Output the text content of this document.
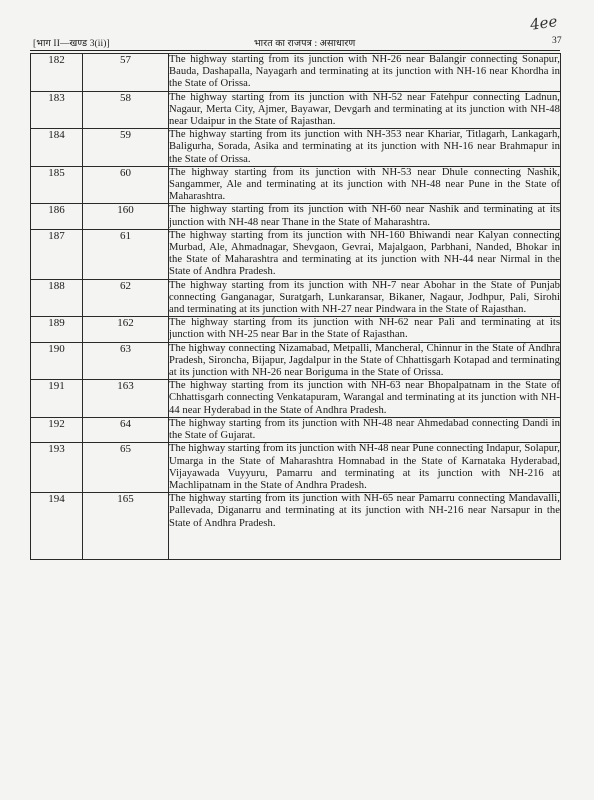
[भाग II—खण्ड 3(ii)]	भारत का राजपत्र : असाधारण	37
4ee
182	57	The highway starting from its junction with NH-26 near Balangir connecting Sonapur, Bauda, Dashapalla, Nayagarh and terminating at its junction with NH-16 near Khordha in the State of Orissa.
183	58	The highway starting from its junction with NH-52 near Fatehpur connecting Ladnun, Nagaur, Merta City, Ajmer, Bayawar, Devgarh and terminating at its junction with NH-48 near Udaipur in the State of Rajasthan.
184	59	The highway starting from its junction with NH-353 near Khariar, Titlagarh, Lankagarh, Baligurha, Sorada, Asika and terminating at its junction with NH-16 near Brahmapur in the State of Orissa.
185	60	The highway starting from its junction with NH-53 near Dhule connecting Nashik, Sangammer, Ale and terminating at its junction with NH-48 near Pune in the State of Maharashtra.
186	160	The highway starting from its junction with NH-60 near Nashik and terminating at its junction with NH-48 near Thane in the State of Maharashtra.
187	61	The highway starting from its junction with NH-160 Bhiwandi near Kalyan connecting Murbad, Ale, Ahmadnagar, Shevgaon, Gevrai, Majalgaon, Parbhani, Nanded, Bhokar in the State of Maharashtra and terminating at its junction with NH-44 near Nirmal in the State of Andhra Pradesh.
188	62	The highway starting from its junction with NH-7 near Abohar in the State of Punjab connecting Ganganagar, Suratgarh, Lunkaransar, Bikaner, Nagaur, Jodhpur, Pali, Sirohi and terminating at its junction with NH-27 near Pindwara in the State of Rajasthan.
189	162	The highway starting from its junction with NH-62 near Pali and terminating at its junction with NH-25 near Bar in the State of Rajasthan.
190	63	The highway connecting Nizamabad, Metpalli, Mancheral, Chinnur in the State of Andhra Pradesh, Sironcha, Bijapur, Jagdalpur in the State of Chhattisgarh Kotapad and terminating at its junction with NH-26 near Boriguma in the State of Orissa.
191	163	The highway starting from its junction with NH-63 near Bhopalpatnam in the State of Chhattisgarh connecting Venkatapuram, Warangal and terminating at its junction with NH-44 near Hyderabad in the State of Andhra Pradesh.
192	64	The highway starting from its junction with NH-48 near Ahmedabad connecting Dandi in the State of Gujarat.
193	65	The highway starting from its junction with NH-48 near Pune connecting Indapur, Solapur, Umarga in the State of Maharashtra Homnabad in the State of Karnataka Hyderabad, Vijayawada Vuyyuru, Pamarru and terminating at its junction with NH-216 at Machlipatnam in the State of Andhra Pradesh.
194	165	The highway starting from its junction with NH-65 near Pamarru connecting Mandavalli, Pallevada, Diganarru and terminating at its junction with NH-216 near Narsapur in the State of Andhra Pradesh.
